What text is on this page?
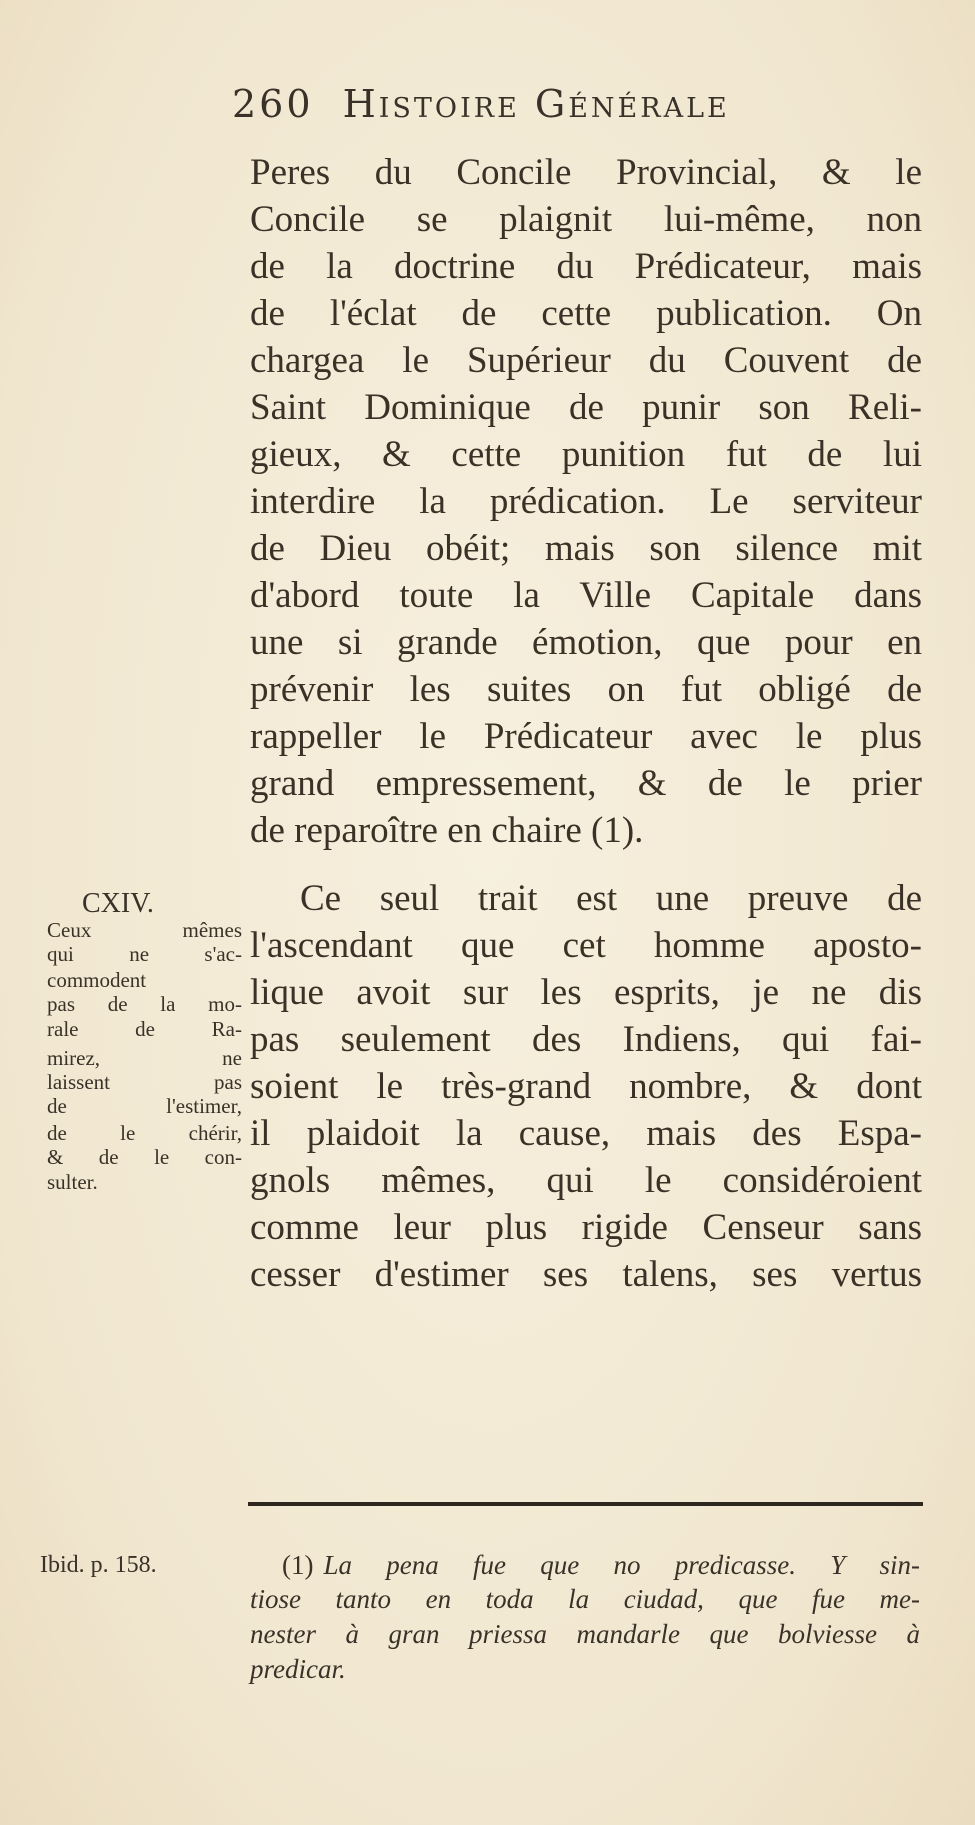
260 Histoire Générale
Peres du Concile Provincial, & le
Concile se plaignit lui-même, non
de la doctrine du Prédicateur, mais
de l'éclat de cette publication. On
chargea le Supérieur du Couvent de
Saint Dominique de punir son Reli-
gieux, & cette punition fut de lui
interdire la prédication. Le serviteur
de Dieu obéit; mais son silence mit
d'abord toute la Ville Capitale dans
une si grande émotion, que pour en
prévenir les suites on fut obligé de
rappeller le Prédicateur avec le plus
grand empressement, & de le prier
de reparoître en chaire (1).
Ce seul trait est une preuve de
l'ascendant que cet homme aposto-
lique avoit sur les esprits, je ne dis
pas seulement des Indiens, qui fai-
soient le très-grand nombre, & dont
il plaidoit la cause, mais des Espa-
gnols mêmes, qui le considéroient
comme leur plus rigide Censeur sans
cesser d'estimer ses talens, ses vertus
CXIV.
Ceux mêmes
qui ne s'ac-
commodent
pas de la mo-
rale de Ra-
mirez, ne
laissent pas
de l'estimer,
de le chérir,
& de le con-
sulter.
Ibid. p. 158.	(1) La pena fue que no predicasse. Y sin-
tiose tanto en toda la ciudad, que fue me-
nester à gran priessa mandarle que bolviesse à
predicar.
